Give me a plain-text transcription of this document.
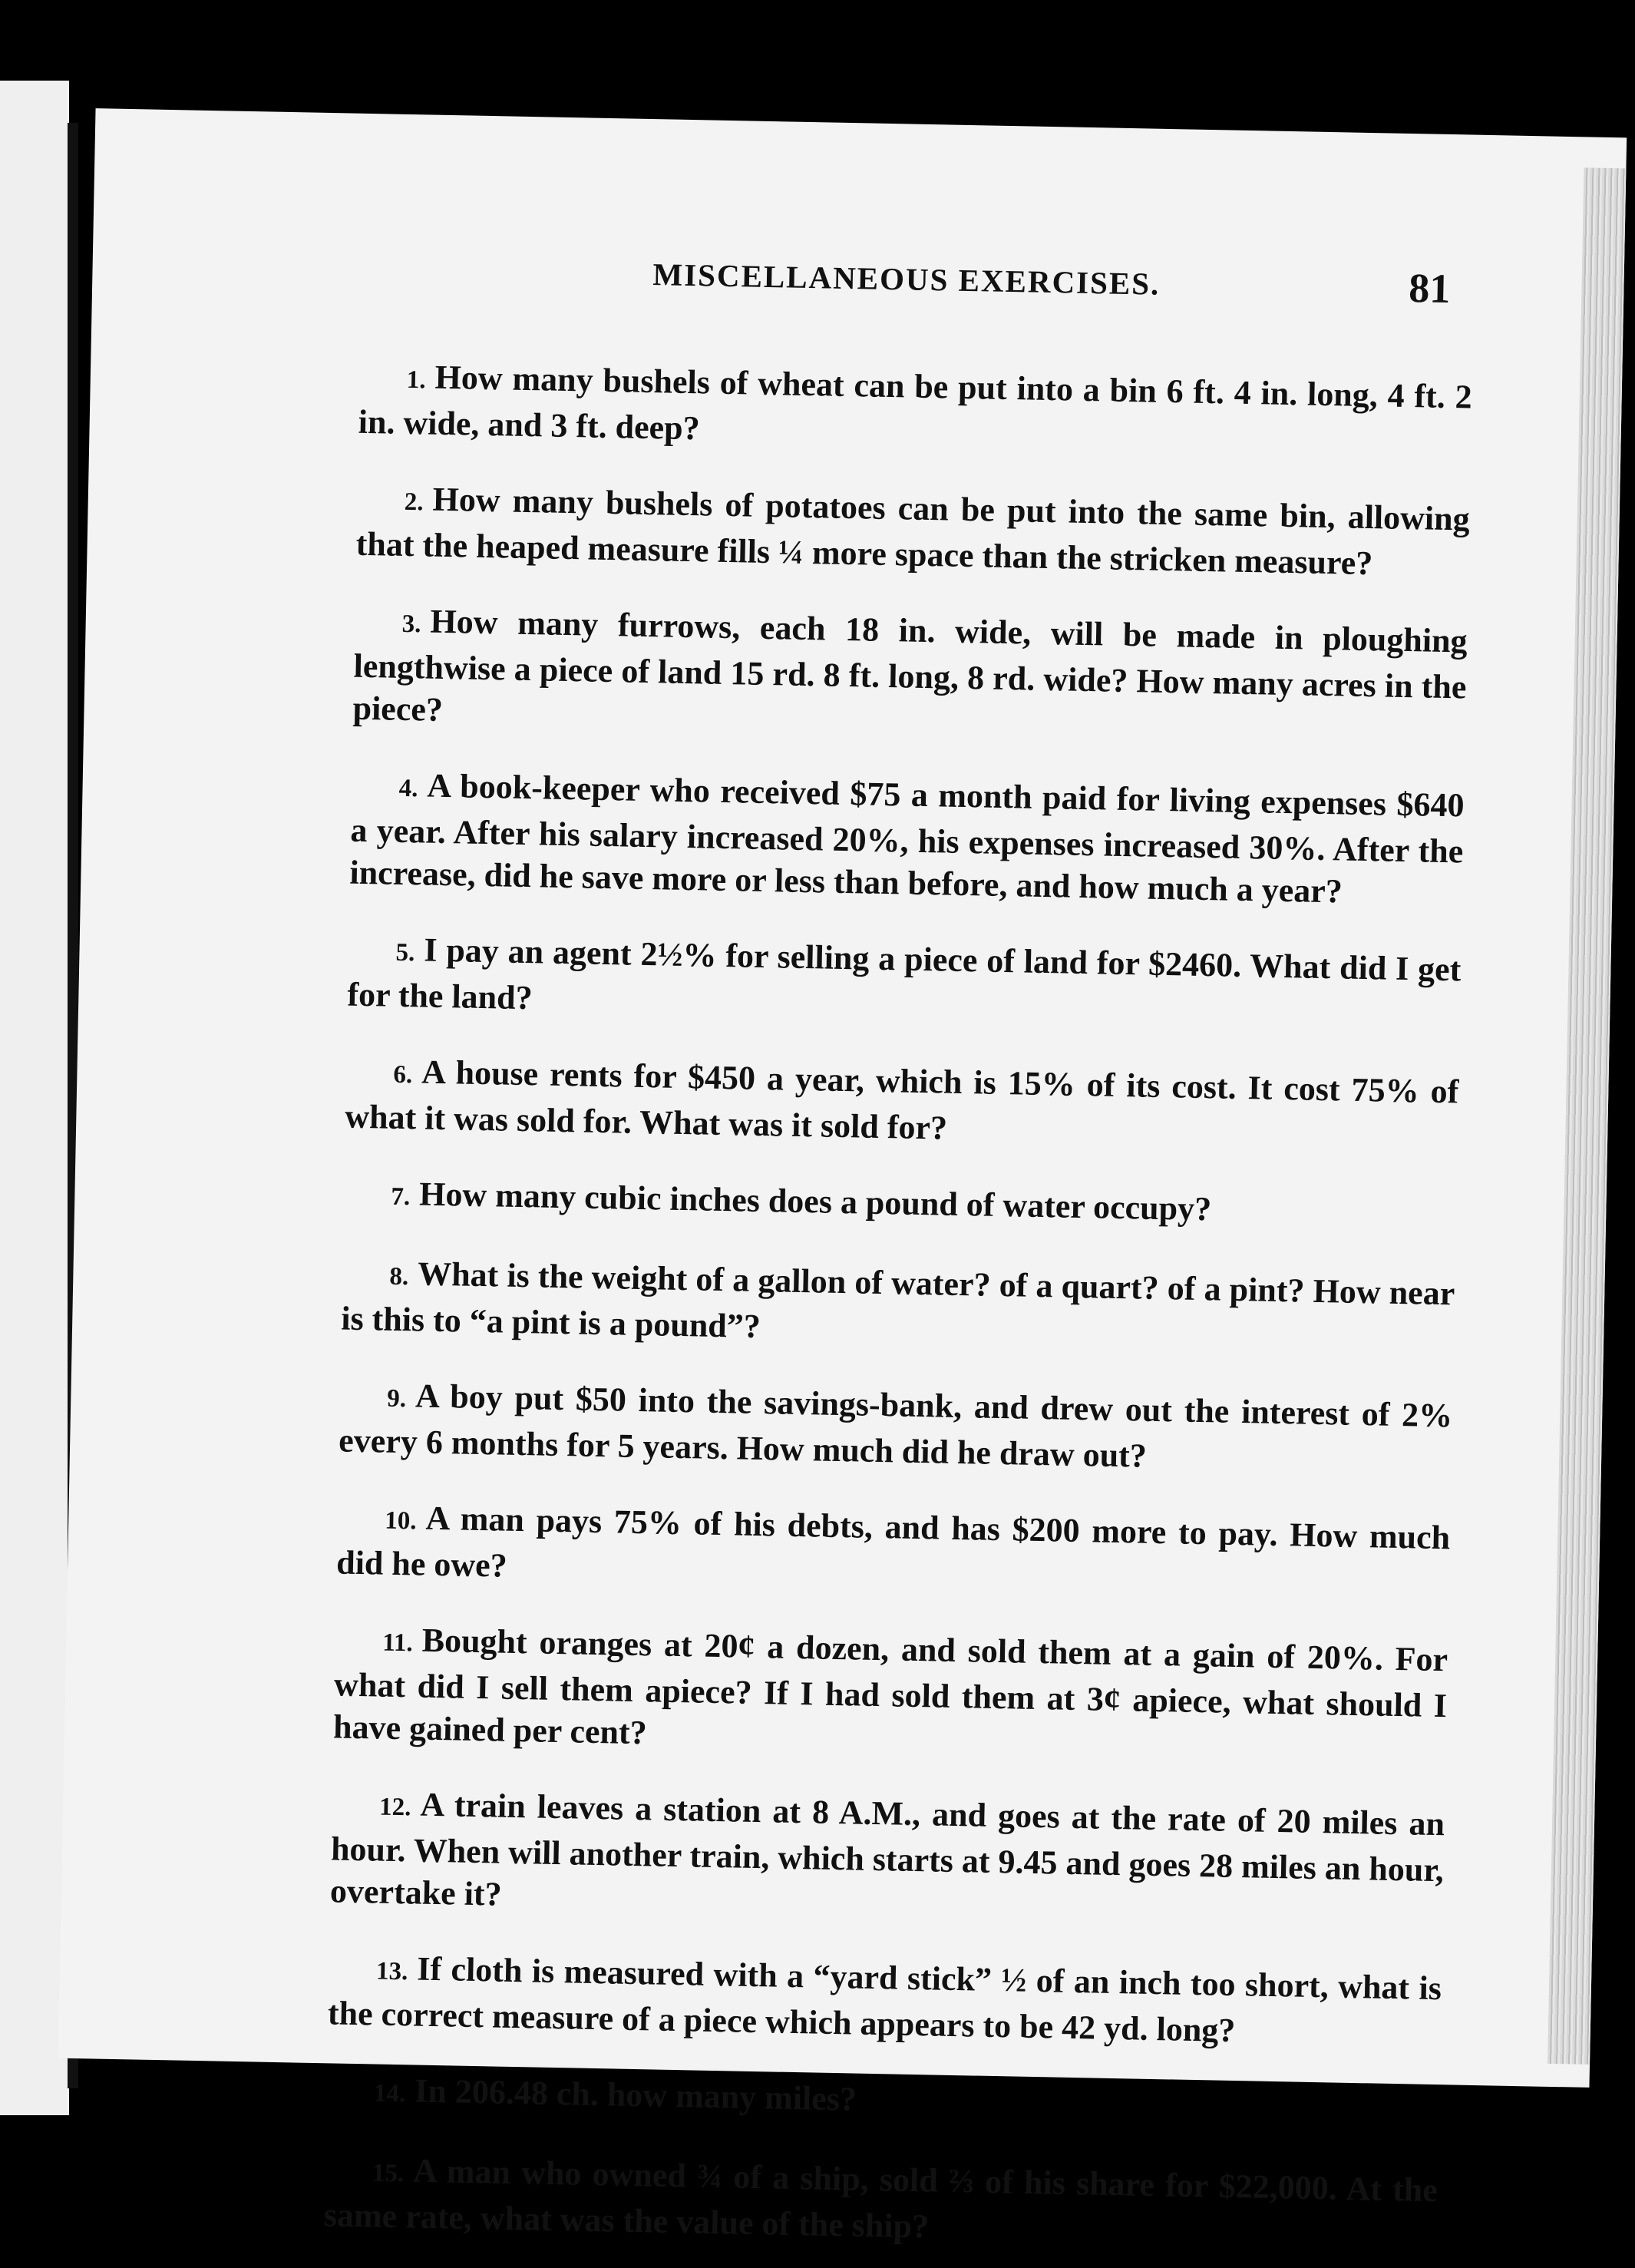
MISCELLANEOUS EXERCISES.	81

1. How many bushels of wheat can be put into a bin 6 ft. 4 in. long, 4 ft. 2 in. wide, and 3 ft. deep?

2. How many bushels of potatoes can be put into the same bin, allowing that the heaped measure fills ¼ more space than the stricken measure?

3. How many furrows, each 18 in. wide, will be made in ploughing lengthwise a piece of land 15 rd. 8 ft. long, 8 rd. wide? How many acres in the piece?

4. A book-keeper who received $75 a month paid for living expenses $640 a year. After his salary increased 20%, his expenses increased 30%. After the increase, did he save more or less than before, and how much a year?

5. I pay an agent 2½% for selling a piece of land for $2460. What did I get for the land?

6. A house rents for $450 a year, which is 15% of its cost. It cost 75% of what it was sold for. What was it sold for?

7. How many cubic inches does a pound of water occupy?

8. What is the weight of a gallon of water? of a quart? of a pint? How near is this to “a pint is a pound”?

9. A boy put $50 into the savings-bank, and drew out the interest of 2% every 6 months for 5 years. How much did he draw out?

10. A man pays 75% of his debts, and has $200 more to pay. How much did he owe?

11. Bought oranges at 20¢ a dozen, and sold them at a gain of 20%. For what did I sell them apiece? If I had sold them at 3¢ apiece, what should I have gained per cent?

12. A train leaves a station at 8 A.M., and goes at the rate of 20 miles an hour. When will another train, which starts at 9.45 and goes 28 miles an hour, overtake it?

13. If cloth is measured with a “yard stick” ½ of an inch too short, what is the correct measure of a piece which appears to be 42 yd. long?

14. In 206.48 ch. how many miles?

15. A man who owned ¾ of a ship, sold ⅔ of his share for $22,000. At the same rate, what was the value of the ship?
